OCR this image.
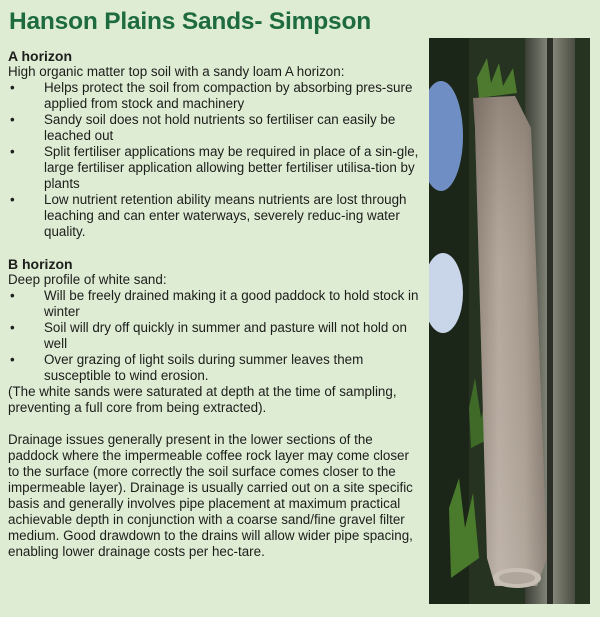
Hanson Plains Sands- Simpson
A horizon
High organic matter top soil with a sandy loam A horizon:
• Helps protect the soil from compaction by absorbing pres-sure applied from stock and machinery
• Sandy soil does not hold nutrients so fertiliser can easily be leached out
• Split fertiliser applications may be required in place of a sin-gle, large fertiliser application allowing better fertiliser utilisa-tion by plants
• Low nutrient retention ability means nutrients are lost through leaching and can enter waterways, severely reduc-ing water quality.
B horizon
Deep profile of white sand:
• Will be freely drained making it a good paddock to hold stock in winter
• Soil will dry off quickly in summer and pasture will not hold on well
• Over grazing of light soils during summer leaves them susceptible to wind erosion.
(The white sands were saturated at depth at the time of sampling, preventing a full core from being extracted).
Drainage issues generally present in the lower sections of the paddock where the impermeable coffee rock layer may come closer to the surface (more correctly the soil surface comes closer to the impermeable layer). Drainage is usually carried out on a site specific basis and generally involves pipe placement at maximum practical achievable depth in conjunction with a coarse sand/fine gravel filter medium. Good drawdown to the drains will allow wider pipe spacing, enabling lower drainage costs per hec-tare.
